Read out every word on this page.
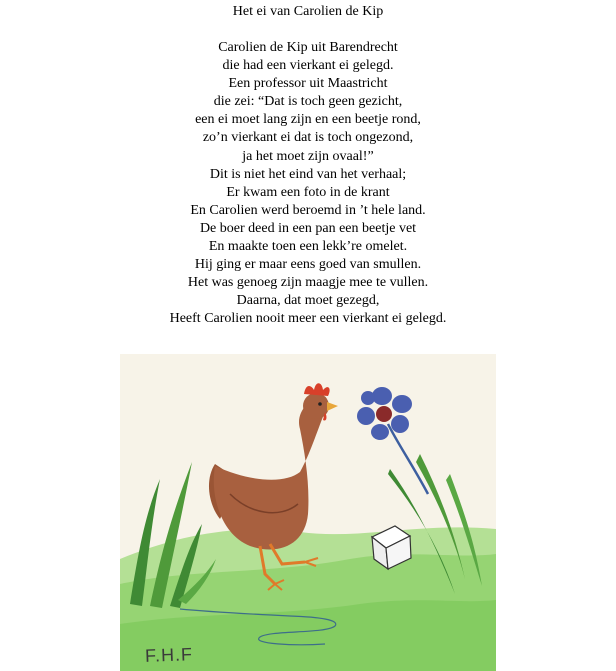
Het ei van Carolien de Kip
Carolien de Kip uit Barendrecht
die had een vierkant ei gelegd.
Een professor uit Maastricht
die zei: “Dat is toch geen gezicht,
een ei moet lang zijn en een beetje rond,
zo’n vierkant ei dat is toch ongezond,
ja het moet zijn ovaal!”
Dit is niet het eind van het verhaal;
Er kwam een foto in de krant
En Carolien werd beroemd in ’t hele land.
De boer deed in een pan een beetje vet
En maakte toen een lekk’re omelet.
Hij ging er maar eens goed van smullen.
Het was genoeg zijn maagje mee te vullen.
Daarna, dat moet gezegd,
Heeft Carolien nooit meer een vierkant ei gelegd.
F.H.F
